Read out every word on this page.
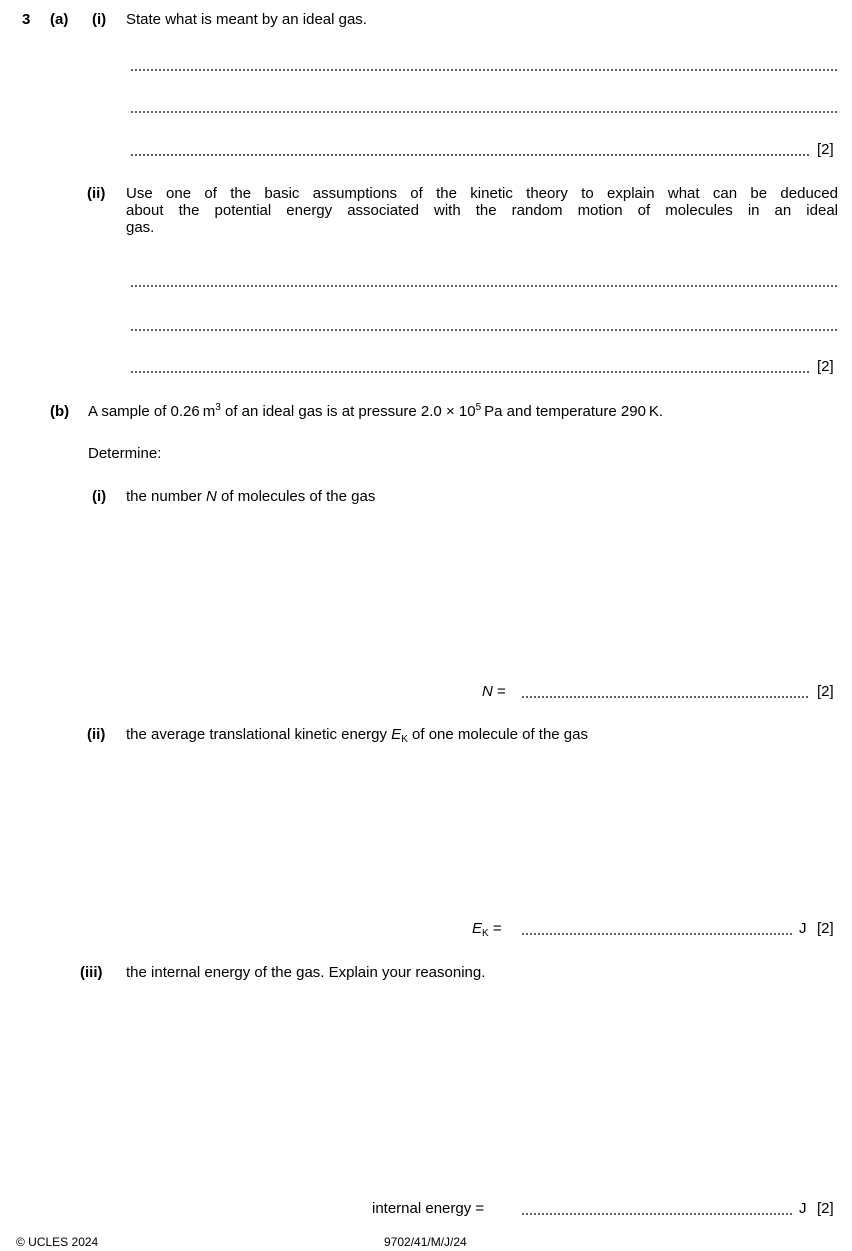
3 (a) (i) State what is meant by an ideal gas.
[2]
(ii) Use one of the basic assumptions of the kinetic theory to explain what can be deduced
about the potential energy associated with the random motion of molecules in an ideal
gas.
[2]
(b) A sample of 0.26 $m^3$ of an ideal gas is at pressure $2.0 \times 10^5$ Pa and temperature 290 K.
Determine:
(i) the number N of molecules of the gas
N =	[2]
(ii) the average translational kinetic energy $E_K$ of one molecule of the gas
$E_K$ =	J [2]
(iii) the internal energy of the gas. Explain your reasoning.
internal energy =	J [2]
© UCLES 2024	9702/41/M/J/24
